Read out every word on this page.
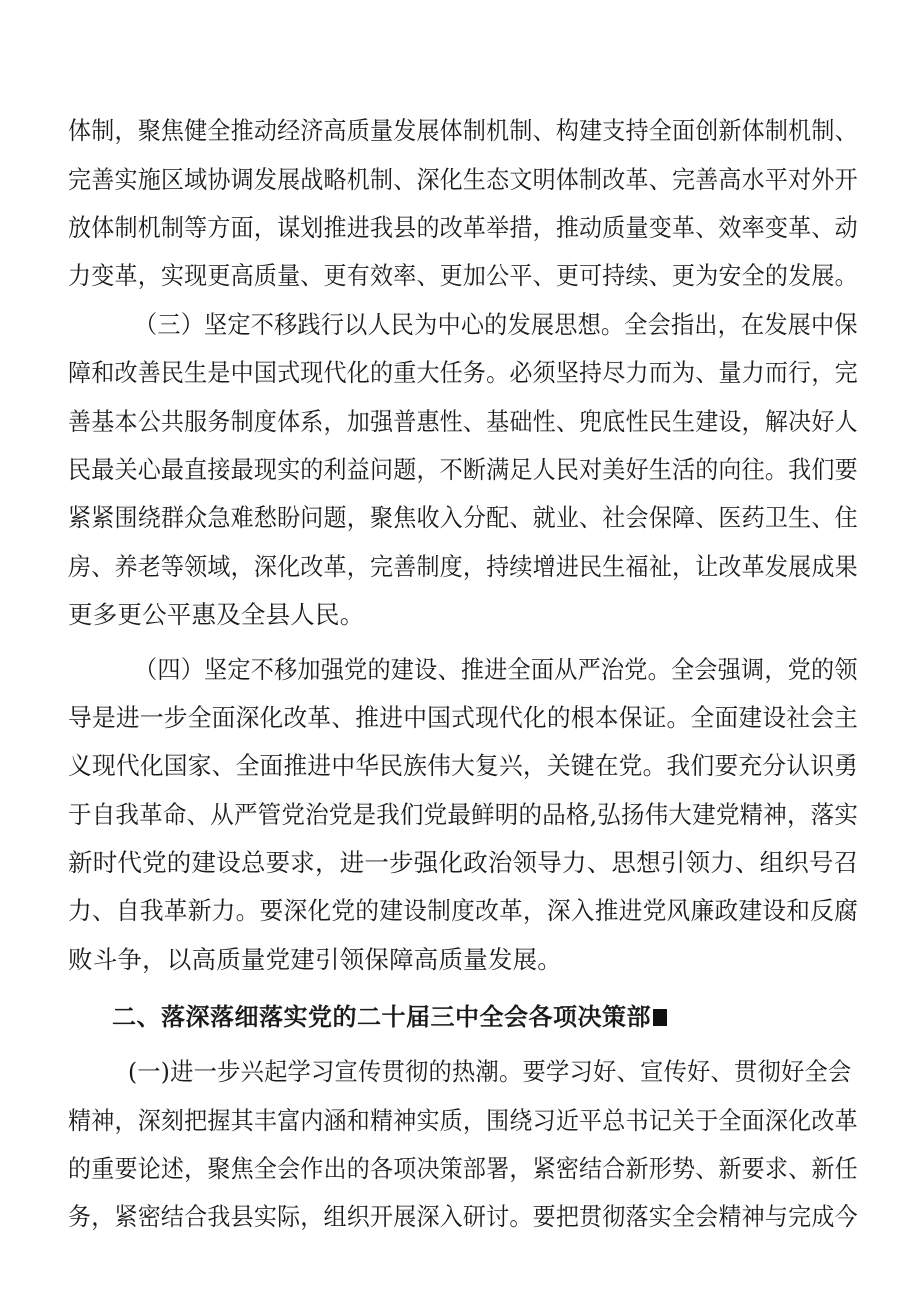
体制，聚焦健全推动经济高质量发展体制机制、构建支持全面创新体制机制、
完善实施区域协调发展战略机制、深化生态文明体制改革、完善高水平对外开
放体制机制等方面，谋划推进我县的改革举措，推动质量变革、效率变革、动
力变革，实现更高质量、更有效率、更加公平、更可持续、更为安全的发展。
（三）坚定不移践行以人民为中心的发展思想。全会指出，在发展中保
障和改善民生是中国式现代化的重大任务。必须坚持尽力而为、量力而行，完
善基本公共服务制度体系，加强普惠性、基础性、兜底性民生建设，解决好人
民最关心最直接最现实的利益问题，不断满足人民对美好生活的向往。我们要
紧紧围绕群众急难愁盼问题，聚焦收入分配、就业、社会保障、医药卫生、住
房、养老等领域，深化改革，完善制度，持续增进民生福祉，让改革发展成果
更多更公平惠及全县人民。
（四）坚定不移加强党的建设、推进全面从严治党。全会强调，党的领
导是进一步全面深化改革、推进中国式现代化的根本保证。全面建设社会主
义现代化国家、全面推进中华民族伟大复兴，关键在党。我们要充分认识勇
于自我革命、从严管党治党是我们党最鲜明的品格,弘扬伟大建党精神，落实
新时代党的建设总要求，进一步强化政治领导力、思想引领力、组织号召
力、自我革新力。要深化党的建设制度改革，深入推进党风廉政建设和反腐
败斗争，以高质量党建引领保障高质量发展。
二、落深落细落实党的二十届三中全会各项决策部
(一)进一步兴起学习宣传贯彻的热潮。要学习好、宣传好、贯彻好全会
精神，深刻把握其丰富内涵和精神实质，围绕习近平总书记关于全面深化改革
的重要论述，聚焦全会作出的各项决策部署，紧密结合新形势、新要求、新任
务，紧密结合我县实际，组织开展深入研讨。要把贯彻落实全会精神与完成今
